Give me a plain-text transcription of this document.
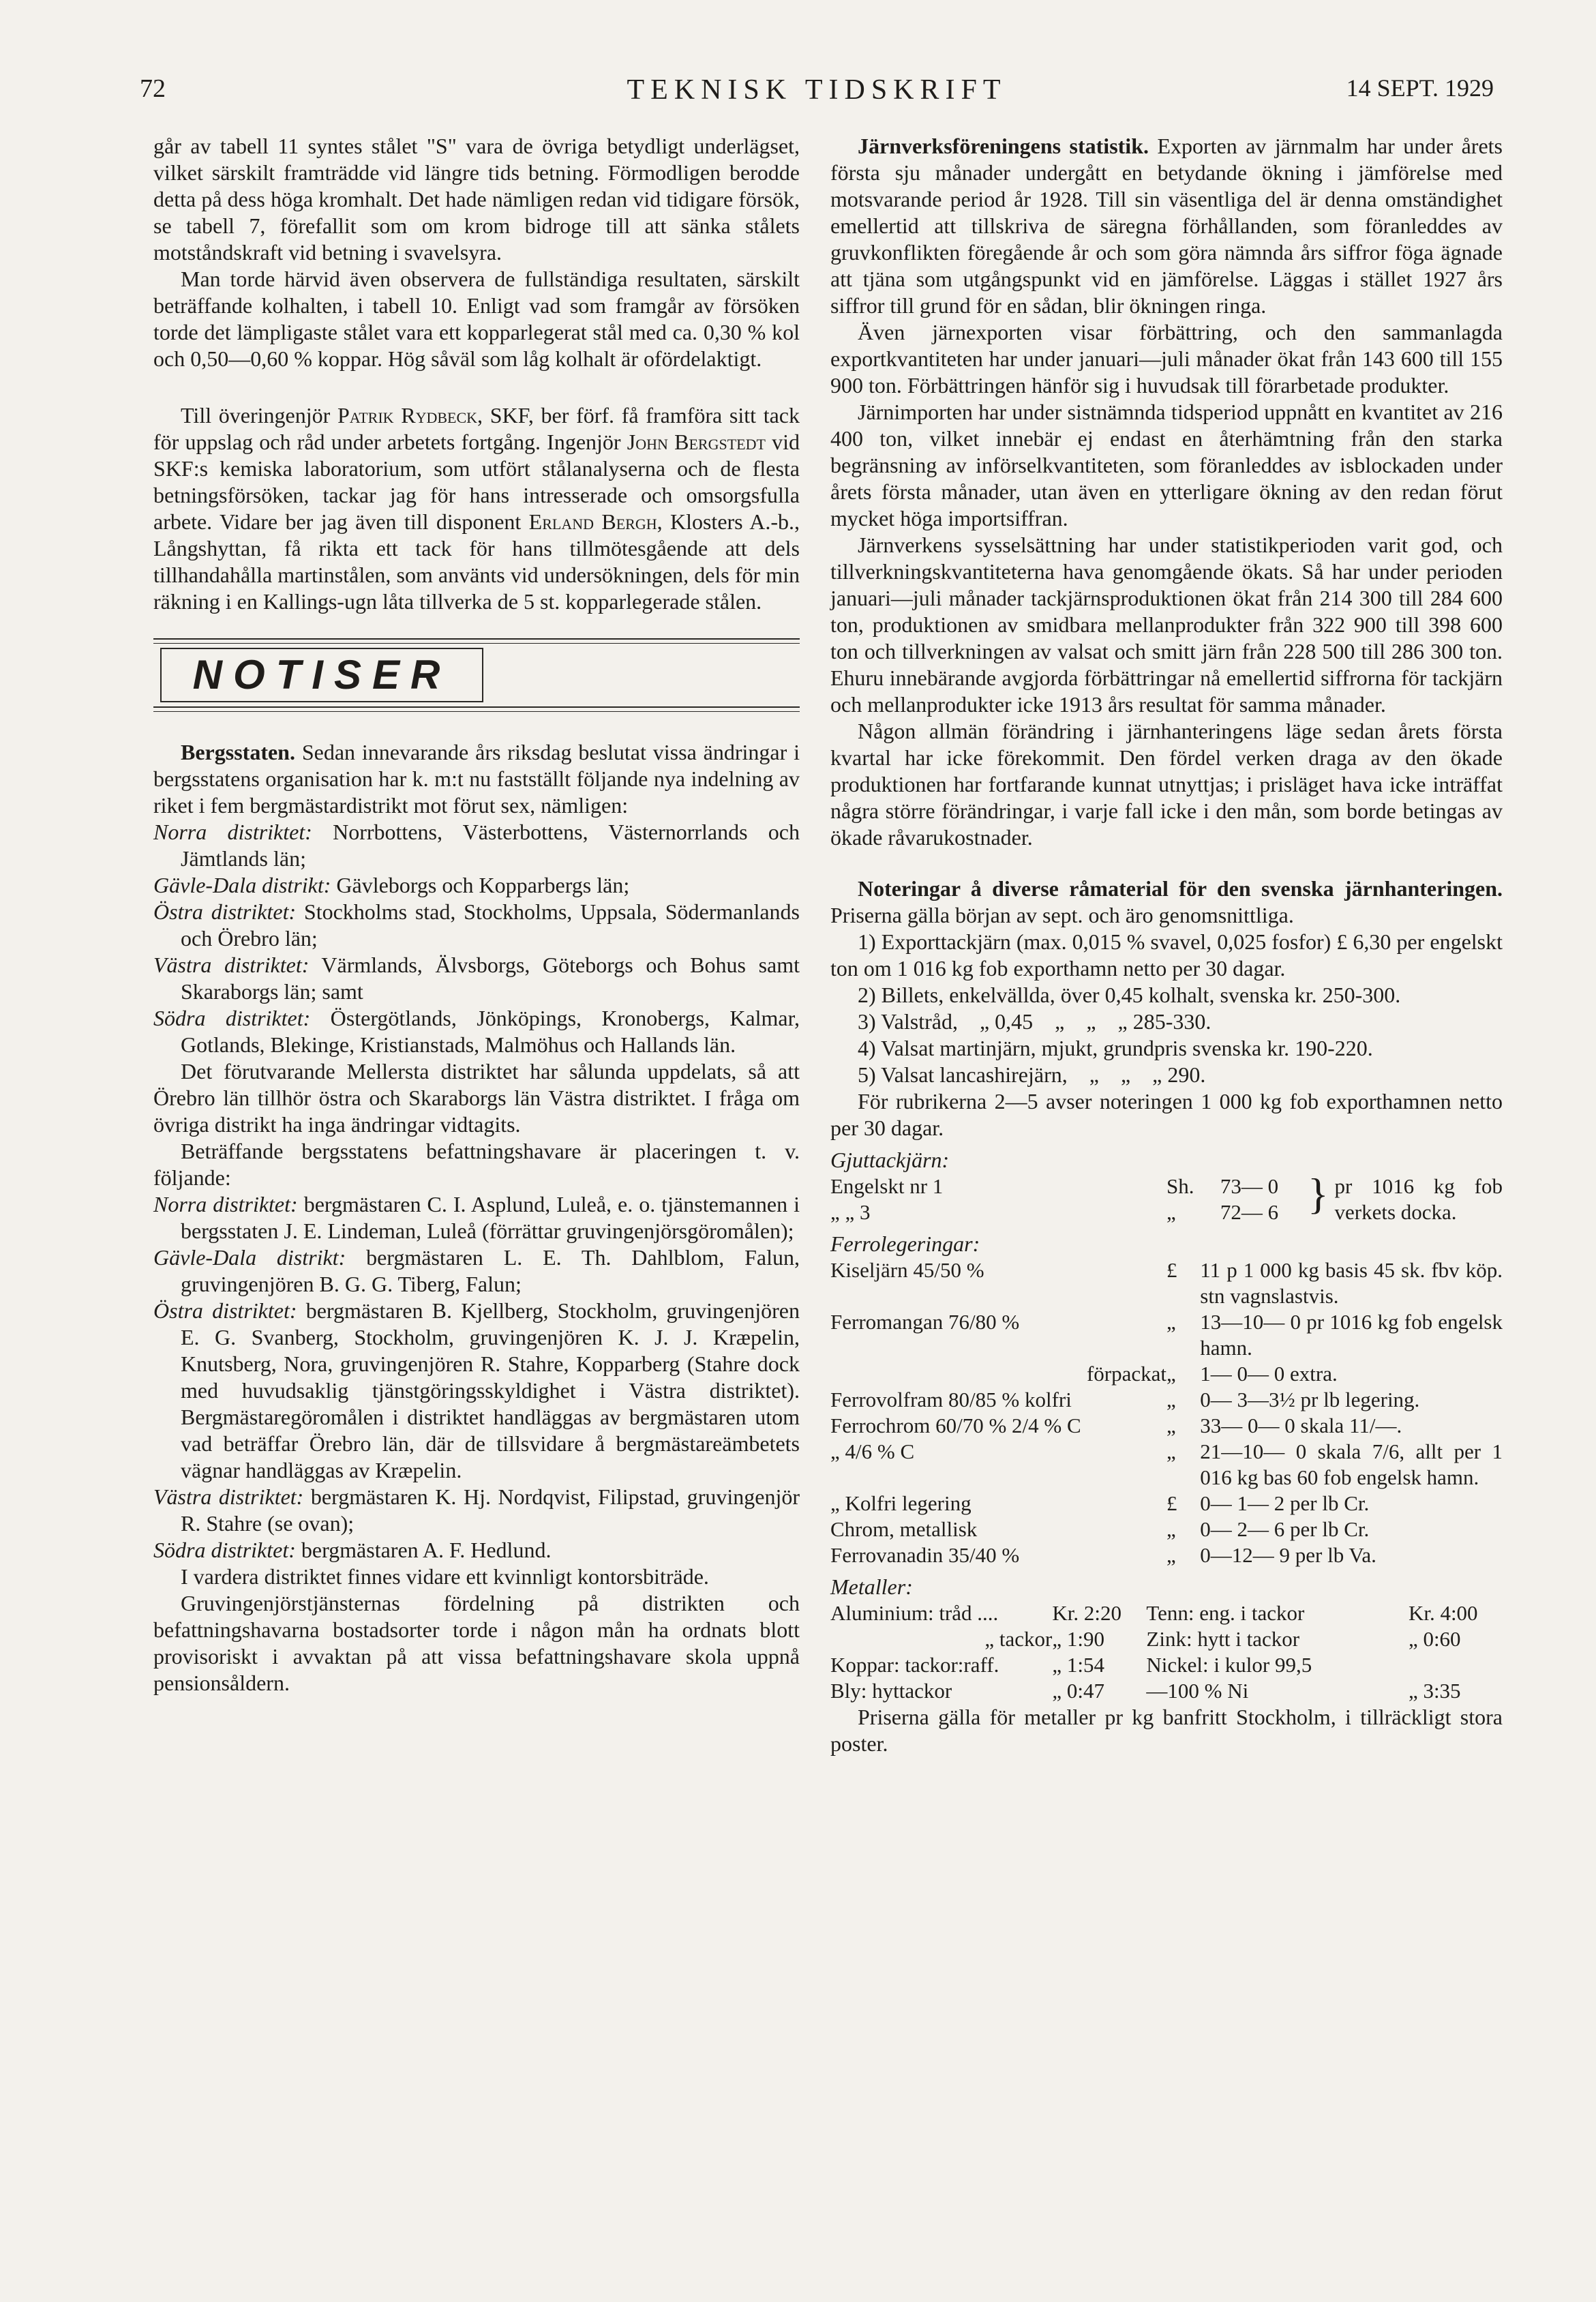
72	TEKNISK TIDSKRIFT	14 SEPT. 1929

går av tabell 11 syntes stålet "S" vara de övriga betydligt underlägset, vilket särskilt framträdde vid längre tids betning. Förmodligen berodde detta på dess höga kromhalt. Det hade nämligen redan vid tidigare försök, se tabell 7, förefallit som om krom bidroge till att sänka stålets motståndskraft vid betning i svavelsyra.

Man torde härvid även observera de fullständiga resultaten, särskilt beträffande kolhalten, i tabell 10. Enligt vad som framgår av försöken torde det lämpligaste stålet vara ett kopparlegerat stål med ca. 0,30 % kol och 0,50—0,60 % koppar. Hög såväl som låg kolhalt är ofördelaktigt.

Till överingenjör Patrik Rydbeck, SKF, ber förf. få framföra sitt tack för uppslag och råd under arbetets fortgång. Ingenjör John Bergstedt vid SKF:s kemiska laboratorium, som utfört stålanalyserna och de flesta betningsförsöken, tackar jag för hans intresserade och omsorgsfulla arbete. Vidare ber jag även till disponent Erland Bergh, Klosters A.-b., Långshyttan, få rikta ett tack för hans tillmötesgående att dels tillhandahålla martinstålen, som använts vid undersökningen, dels för min räkning i en Kallings-ugn låta tillverka de 5 st. kopparlegerade stålen.

NOTISER

Bergsstaten. Sedan innevarande års riksdag beslutat vissa ändringar i bergsstatens organisation har k. m:t nu fastställt följande nya indelning av riket i fem bergmästardistrikt mot förut sex, nämligen:

Norra distriktet: Norrbottens, Västerbottens, Västernorrlands och Jämtlands län;

Gävle-Dala distrikt: Gävleborgs och Kopparbergs län;

Östra distriktet: Stockholms stad, Stockholms, Uppsala, Södermanlands och Örebro län;

Västra distriktet: Värmlands, Älvsborgs, Göteborgs och Bohus samt Skaraborgs län; samt

Södra distriktet: Östergötlands, Jönköpings, Kronobergs, Kalmar, Gotlands, Blekinge, Kristianstads, Malmöhus och Hallands län.

Det förutvarande Mellersta distriktet har sålunda uppdelats, så att Örebro län tillhör östra och Skaraborgs län Västra distriktet. I fråga om övriga distrikt ha inga ändringar vidtagits.

Beträffande bergsstatens befattningshavare är placeringen t. v. följande:

Norra distriktet: bergmästaren C. I. Asplund, Luleå, e. o. tjänstemannen i bergsstaten J. E. Lindeman, Luleå (förrättar gruvingenjörsgöromålen);

Gävle-Dala distrikt: bergmästaren L. E. Th. Dahlblom, Falun, gruvingenjören B. G. G. Tiberg, Falun;

Östra distriktet: bergmästaren B. Kjellberg, Stockholm, gruvingenjören E. G. Svanberg, Stockholm, gruvingenjören K. J. J. Kræpelin, Knutsberg, Nora, gruvingenjören R. Stahre, Kopparberg (Stahre dock med huvudsaklig tjänstgöringsskyldighet i Västra distriktet). Bergmästaregöromålen i distriktet handläggas av bergmästaren utom vad beträffar Örebro län, där de tillsvidare å bergmästareämbetets vägnar handläggas av Kræpelin.

Västra distriktet: bergmästaren K. Hj. Nordqvist, Filipstad, gruvingenjör R. Stahre (se ovan);

Södra distriktet: bergmästaren A. F. Hedlund.

I vardera distriktet finnes vidare ett kvinnligt kontorsbiträde.

Gruvingenjörstjänsternas fördelning på distrikten och befattningshavarna bostadsorter torde i någon mån ha ordnats blott provisoriskt i avvaktan på att vissa befattningshavare skola uppnå pensionsåldern.

Järnverksföreningens statistik. Exporten av järnmalm har under årets första sju månader undergått en betydande ökning i jämförelse med motsvarande period år 1928. Till sin väsentliga del är denna omständighet emellertid att tillskriva de säregna förhållanden, som föranleddes av gruvkonflikten föregående år och som göra nämnda års siffror föga ägnade att tjäna som utgångspunkt vid en jämförelse. Läggas i stället 1927 års siffror till grund för en sådan, blir ökningen ringa.

Även järnexporten visar förbättring, och den sammanlagda exportkvantiteten har under januari—juli månader ökat från 143 600 till 155 900 ton. Förbättringen hänför sig i huvudsak till förarbetade produkter.

Järnimporten har under sistnämnda tidsperiod uppnått en kvantitet av 216 400 ton, vilket innebär ej endast en återhämtning från den starka begränsning av införselkvantiteten, som föranleddes av isblockaden under årets första månader, utan även en ytterligare ökning av den redan förut mycket höga importsiffran.

Järnverkens sysselsättning har under statistikperioden varit god, och tillverkningskvantiteterna hava genomgående ökats. Så har under perioden januari—juli månader tackjärnsproduktionen ökat från 214 300 till 284 600 ton, produktionen av smidbara mellanprodukter från 322 900 till 398 600 ton och tillverkningen av valsat och smitt järn från 228 500 till 286 300 ton. Ehuru innebärande avgjorda förbättringar nå emellertid siffrorna för tackjärn och mellanprodukter icke 1913 års resultat för samma månader.

Någon allmän förändring i järnhanteringens läge sedan årets första kvartal har icke förekommit. Den fördel verken draga av den ökade produktionen har fortfarande kunnat utnyttjas; i prisläget hava icke inträffat några större förändringar, i varje fall icke i den mån, som borde betingas av ökade råvarukostnader.

Noteringar å diverse råmaterial för den svenska järnhanteringen. Priserna gälla början av sept. och äro genomsnittliga.

1) Exporttackjärn (max. 0,015 % svavel, 0,025 fosfor) £ 6,30 per engelskt ton om 1 016 kg fob exporthamn netto per 30 dagar.

2) Billets, enkelvällda, över 0,45 kolhalt, svenska kr. 250-300.

3) Valstråd,    „ 0,45    „    „    „ 285-330.

4) Valsat martinjärn, mjukt, grundpris svenska kr. 190-220.

5) Valsat lancashirejärn,    „    „    „ 290.

För rubrikerna 2—5 avser noteringen 1 000 kg fob exporthamnen netto per 30 dagar.

Gjuttackjärn:
Engelskt nr 1	Sh.	73— 0	}	pr 1016 kg fob verkets docka.
„ „ 3	„	72— 6		
Ferrolegeringar:
Kiseljärn 45/50 %	£	11 p 1 000 kg basis 45 sk. fbv köp. stn vagnslastvis.
Ferromangan 76/80 %	„	13—10— 0 pr 1016 kg fob engelsk hamn.
förpackat	„	1— 0— 0 extra.
Ferrovolfram 80/85 % kolfri	„	0— 3—3½ pr lb legering.
Ferrochrom 60/70 % 2/4 % C	„	33— 0— 0 skala 11/—.
„ 4/6 % C	„	21—10— 0 skala 7/6, allt per 1 016 kg bas 60 fob engelsk hamn.
„ Kolfri legering	£	0— 1— 2 per lb Cr.
Chrom, metallisk	„	0— 2— 6 per lb Cr.
Ferrovanadin 35/40 %	„	0—12— 9 per lb Va.
Metaller:
Aluminium: tråd ....	Kr. 2:20	Tenn: eng. i tackor	Kr. 4:00
„ tackor	„ 1:90	Zink: hytt i tackor	„ 0:60
Koppar: tackor:raff.	„ 1:54	Nickel: i kulor 99,5	
Bly: hyttackor	„ 0:47	—100 % Ni	„ 3:35

Priserna gälla för metaller pr kg banfritt Stockholm, i tillräckligt stora poster.
